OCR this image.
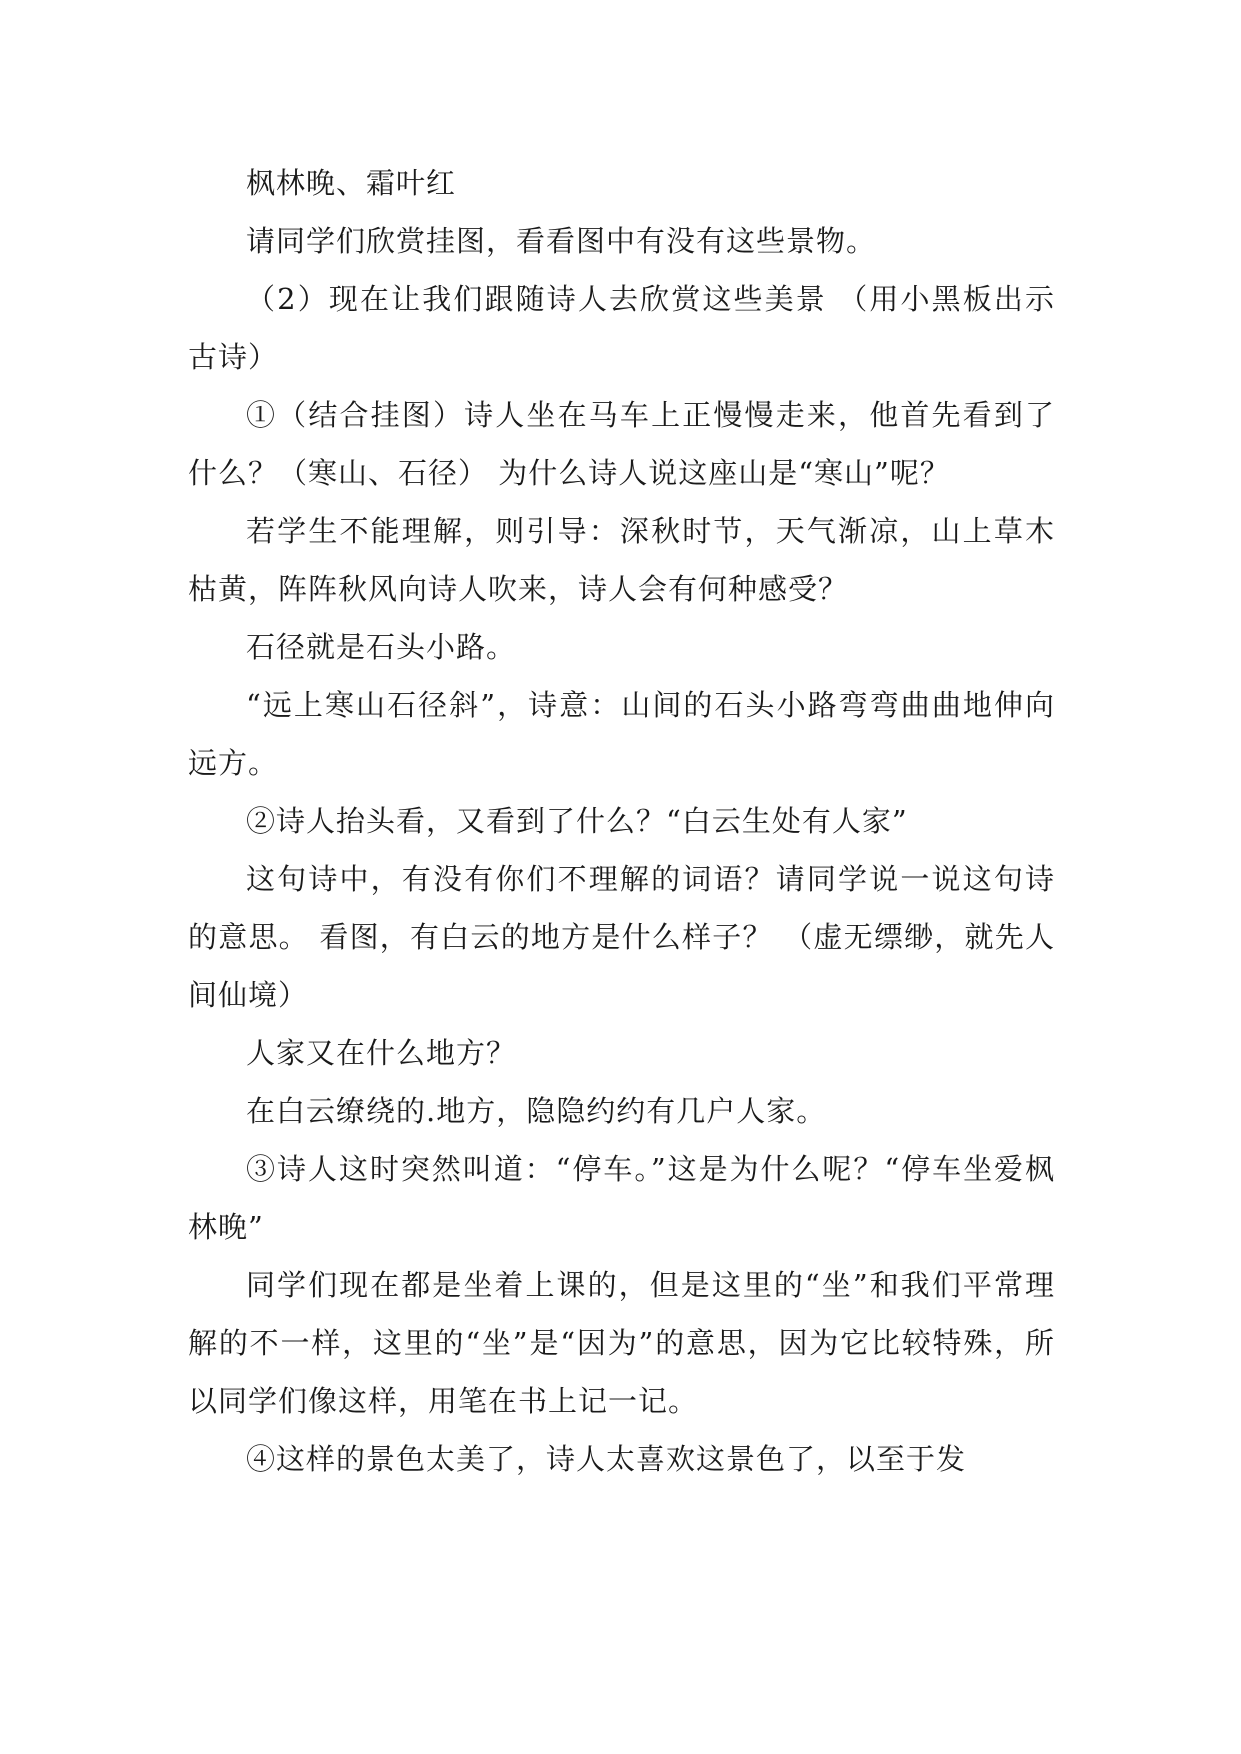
枫林晚、霜叶红

请同学们欣赏挂图，看看图中有没有这些景物。

（2）现在让我们跟随诗人去欣赏这些美景 （用小黑板出示古诗）

①（结合挂图）诗人坐在马车上正慢慢走来，他首先看到了什么？（寒山、石径） 为什么诗人说这座山是“寒山”呢？

若学生不能理解，则引导：深秋时节，天气渐凉，山上草木枯黄，阵阵秋风向诗人吹来，诗人会有何种感受？

石径就是石头小路。

“远上寒山石径斜”，诗意：山间的石头小路弯弯曲曲地伸向远方。

②诗人抬头看，又看到了什么？“白云生处有人家”

这句诗中，有没有你们不理解的词语？请同学说一说这句诗的意思。 看图，有白云的地方是什么样子？ （虚无缥缈，就先人间仙境）

人家又在什么地方？

在白云缭绕的.地方，隐隐约约有几户人家。

③诗人这时突然叫道：“停车。”这是为什么呢？“停车坐爱枫林晚”

同学们现在都是坐着上课的，但是这里的“坐”和我们平常理解的不一样，这里的“坐”是“因为”的意思，因为它比较特殊，所以同学们像这样，用笔在书上记一记。

④这样的景色太美了，诗人太喜欢这景色了，以至于发
